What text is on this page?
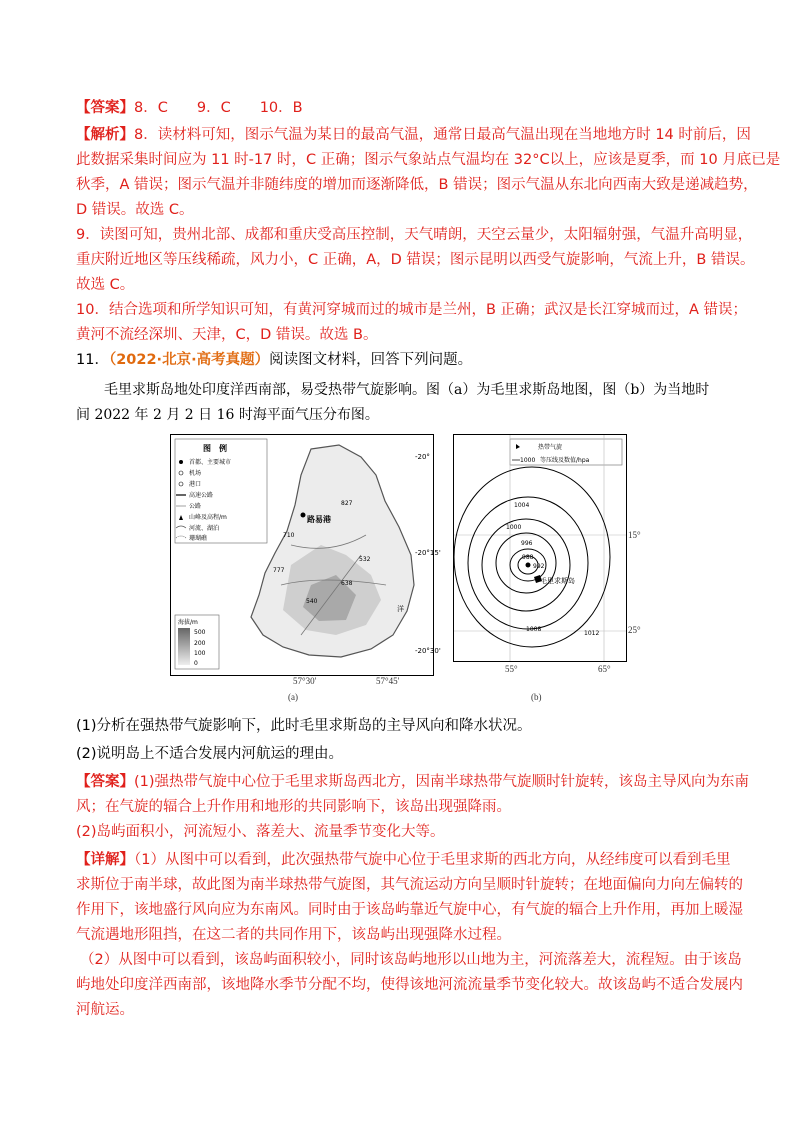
【答案】8．C　　9．C　　10．B
【解析】8．读材料可知，图示气温为某日的最高气温，通常日最高气温出现在当地地方时 14 时前后，因
此数据采集时间应为 11 时-17 时，C 正确；图示气象站点气温均在 32°C以上，应该是夏季，而 10 月底已是
秋季，A 错误；图示气温并非随纬度的增加而逐渐降低，B 错误；图示气温从东北向西南大致是递减趋势，
D 错误。故选 C。
9．读图可知，贵州北部、成都和重庆受高压控制，天气晴朗，天空云量少，太阳辐射强，气温升高明显，
重庆附近地区等压线稀疏，风力小，C 正确，A，D 错误；图示昆明以西受气旋影响，气流上升，B 错误。
故选 C。
10．结合选项和所学知识可知，有黄河穿城而过的城市是兰州，B 正确；武汉是长江穿城而过，A 错误；
黄河不流经深圳、天津，C，D 错误。故选 B。
11．（2022·北京·高考真题）阅读图文材料，回答下列问题。
毛里求斯岛地处印度洋西南部，易受热带气旋影响。图（a）为毛里求斯岛地图，图（b）为当地时
间 2022 年 2 月 2 日 16 时海平面气压分布图。
图　例
首都、主要城市
机场
港口
高速公路
公路
山峰及高程/m
河流、湖泊
珊瑚礁
路易港
827
710
532
777
638
540
洋
海拔/m
500
200
100
0
-20°
-20°15'
-20°30'
57°30'	57°45'
(a)
热带气旋
1000 等压线及数值/hpa
988
992
996
1000
1004
1008
1012
毛里求斯岛
15°
25°
55°	65°
(b)
(1)分析在强热带气旋影响下，此时毛里求斯岛的主导风向和降水状况。
(2)说明岛上不适合发展内河航运的理由。
【答案】(1)强热带气旋中心位于毛里求斯岛西北方，因南半球热带气旋顺时针旋转，该岛主导风向为东南
风；在气旋的辐合上升作用和地形的共同影响下，该岛出现强降雨。
(2)岛屿面积小，河流短小、落差大、流量季节变化大等。
【详解】（1）从图中可以看到，此次强热带气旋中心位于毛里求斯的西北方向，从经纬度可以看到毛里
求斯位于南半球，故此图为南半球热带气旋图，其气流运动方向呈顺时针旋转；在地面偏向力向左偏转的
作用下，该地盛行风向应为东南风。同时由于该岛屿靠近气旋中心，有气旋的辐合上升作用，再加上暖湿
气流遇地形阻挡，在这二者的共同作用下，该岛屿出现强降水过程。
（2）从图中可以看到，该岛屿面积较小，同时该岛屿地形以山地为主，河流落差大，流程短。由于该岛
屿地处印度洋西南部，该地降水季节分配不均，使得该地河流流量季节变化较大。故该岛屿不适合发展内
河航运。
